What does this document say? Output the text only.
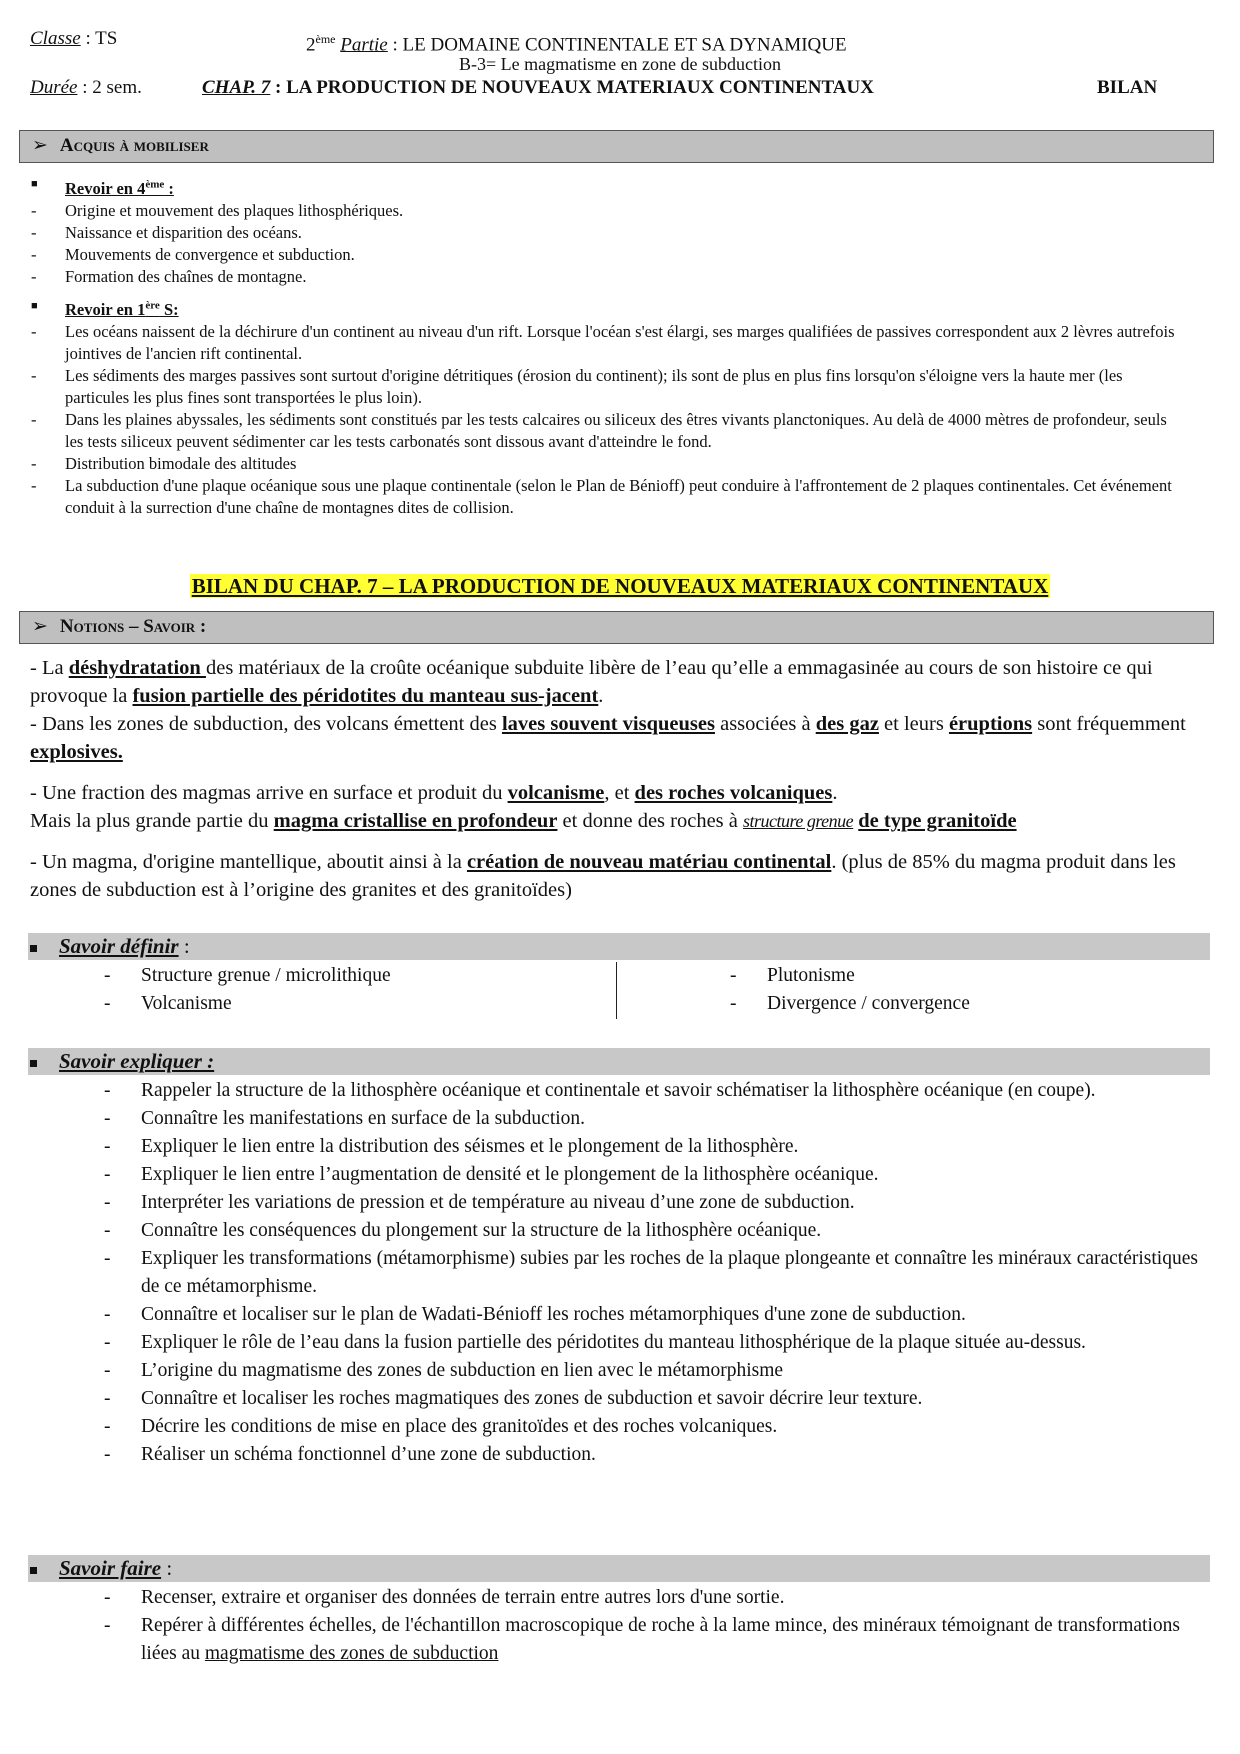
Classe : TS	2ème Partie : LE DOMAINE CONTINENTALE ET SA DYNAMIQUE
B-3= Le magmatisme en zone de subduction
Durée : 2 sem.	CHAP. 7 : LA PRODUCTION DE NOUVEAUX MATERIAUX CONTINENTAUX	BILAN
➢ Acquis à mobiliser
■ Revoir en 4ème :
- Origine et mouvement des plaques lithosphériques.
- Naissance et disparition des océans.
- Mouvements de convergence et subduction.
- Formation des chaînes de montagne.
■ Revoir en 1ère S:
- Les océans naissent de la déchirure d'un continent au niveau d'un rift. Lorsque l'océan s'est élargi, ses marges qualifiées de passives correspondent aux 2 lèvres autrefois jointives de l'ancien rift continental.
- Les sédiments des marges passives sont surtout d'origine détritiques (érosion du continent); ils sont de plus en plus fins lorsqu'on s'éloigne vers la haute mer (les particules les plus fines sont transportées le plus loin).
- Dans les plaines abyssales, les sédiments sont constitués par les tests calcaires ou siliceux des êtres vivants planctoniques. Au delà de 4000 mètres de profondeur, seuls les tests siliceux peuvent sédimenter car les tests carbonatés sont dissous avant d'atteindre le fond.
- Distribution bimodale des altitudes
- La subduction d'une plaque océanique sous une plaque continentale (selon le Plan de Bénioff) peut conduire à l'affrontement de 2 plaques continentales. Cet événement conduit à la surrection d'une chaîne de montagnes dites de collision.
BILAN DU CHAP. 7 – LA PRODUCTION DE NOUVEAUX MATERIAUX CONTINENTAUX
➢ Notions – Savoir :
- La déshydratation des matériaux de la croûte océanique subduite libère de l’eau qu’elle a emmagasinée au cours de son histoire ce qui provoque la fusion partielle des péridotites du manteau sus-jacent.
- Dans les zones de subduction, des volcans émettent des laves souvent visqueuses associées à des gaz et leurs éruptions sont fréquemment explosives.
- Une fraction des magmas arrive en surface et produit du volcanisme, et des roches volcaniques.
Mais la plus grande partie du magma cristallise en profondeur et donne des roches à structure grenue de type granitoïde
- Un magma, d'origine mantellique, aboutit ainsi à la création de nouveau matériau continental. (plus de 85% du magma produit dans les zones de subduction est à l’origine des granites et des granitoïdes)
Savoir définir :
- Structure grenue / microlithique
- Volcanisme
- Plutonisme
- Divergence / convergence
Savoir expliquer :
- Rappeler la structure de la lithosphère océanique et continentale et savoir schématiser la lithosphère océanique (en coupe).
- Connaître les manifestations en surface de la subduction.
- Expliquer le lien entre la distribution des séismes et le plongement de la lithosphère.
- Expliquer le lien entre l’augmentation de densité et le plongement de la lithosphère océanique.
- Interpréter les variations de pression et de température au niveau d’une zone de subduction.
- Connaître les conséquences du plongement sur la structure de la lithosphère océanique.
- Expliquer les transformations (métamorphisme) subies par les roches de la plaque plongeante et connaître les minéraux caractéristiques de ce métamorphisme.
- Connaître et localiser sur le plan de Wadati-Bénioff les roches métamorphiques d'une zone de subduction.
- Expliquer le rôle de l’eau dans la fusion partielle des péridotites du manteau lithosphérique de la plaque située au-dessus.
- L’origine du magmatisme des zones de subduction en lien avec le métamorphisme
- Connaître et localiser les roches magmatiques des zones de subduction et savoir décrire leur texture.
- Décrire les conditions de mise en place des granitoïdes et des roches volcaniques.
- Réaliser un schéma fonctionnel d’une zone de subduction.
Savoir faire :
- Recenser, extraire et organiser des données de terrain entre autres lors d'une sortie.
- Repérer à différentes échelles, de l'échantillon macroscopique de roche à la lame mince, des minéraux témoignant de transformations liées au magmatisme des zones de subduction
